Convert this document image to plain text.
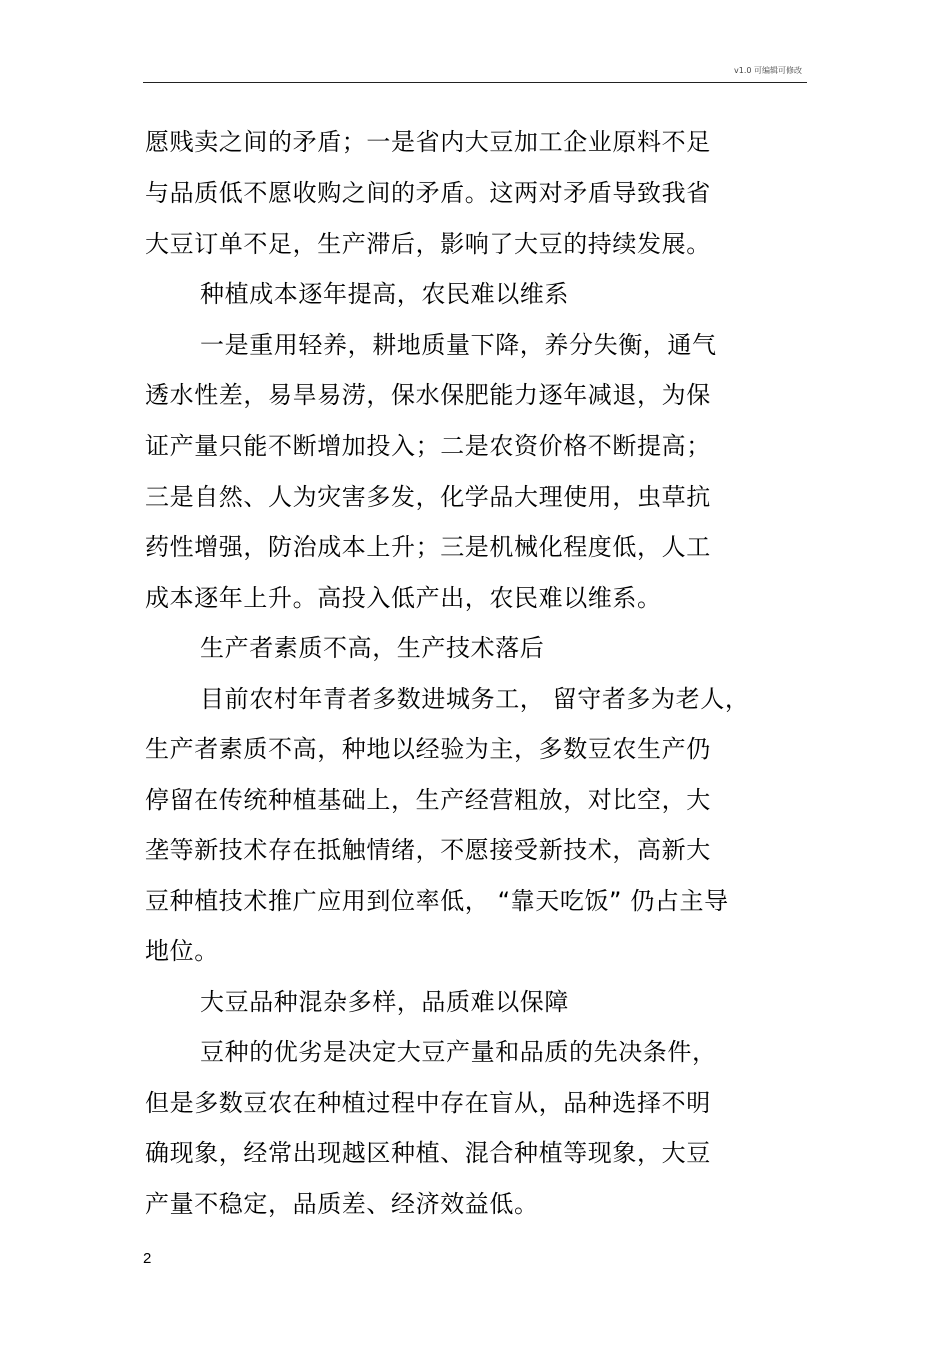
v1.0 可编辑可修改
愿贱卖之间的矛盾；一是省内大豆加工企业原料不足
与品质低不愿收购之间的矛盾。这两对矛盾导致我省
大豆订单不足，生产滞后，影响了大豆的持续发展。
种植成本逐年提高，农民难以维系
一是重用轻养，耕地质量下降，养分失衡，通气
透水性差，易旱易涝，保水保肥能力逐年减退，为保
证产量只能不断增加投入；二是农资价格不断提高；
三是自然、人为灾害多发，化学品大理使用，虫草抗
药性增强，防治成本上升；三是机械化程度低，人工
成本逐年上升。高投入低产出，农民难以维系。
生产者素质不高，生产技术落后
目前农村年青者多数进城务工， 留守者多为老人，
生产者素质不高，种地以经验为主，多数豆农生产仍
停留在传统种植基础上，生产经营粗放，对比空，大
垄等新技术存在抵触情绪，不愿接受新技术，高新大
豆种植技术推广应用到位率低， “靠天吃饭” 仍占主导
地位。
大豆品种混杂多样，品质难以保障
豆种的优劣是决定大豆产量和品质的先决条件，
但是多数豆农在种植过程中存在盲从，品种选择不明
确现象，经常出现越区种植、混合种植等现象，大豆
产量不稳定，品质差、经济效益低。
2
